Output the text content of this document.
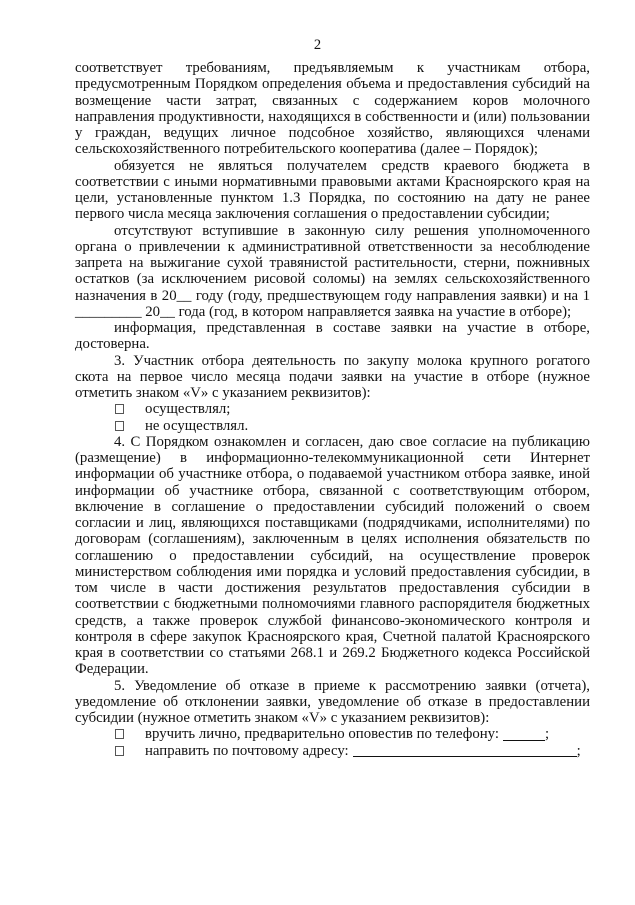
2

соответствует требованиям, предъявляемым к участникам отбора, предусмотренным Порядком определения объема и предоставления субсидий на возмещение части затрат, связанных с содержанием коров молочного направления продуктивности, находящихся в собственности и (или) пользовании у граждан, ведущих личное подсобное хозяйство, являющихся членами сельскохозяйственного потребительского кооператива (далее – Порядок);

обязуется не являться получателем средств краевого бюджета в соответствии с иными нормативными правовыми актами Красноярского края на цели, установленные пунктом 1.3 Порядка, по состоянию на дату не ранее первого числа месяца заключения соглашения о предоставлении субсидии;

отсутствуют вступившие в законную силу решения уполномоченного органа о привлечении к административной ответственности за несоблюдение запрета на выжигание сухой травянистой растительности, стерни, пожнивных остатков (за исключением рисовой соломы) на землях сельскохозяйственного назначения в 20__ году (году, предшествующем году направления заявки) и на 1 _________ 20__ года (год, в котором направляется заявка на участие в отборе);

информация, представленная в составе заявки на участие в отборе, достоверна.

3. Участник отбора деятельность по закупу молока крупного рогатого скота на первое число месяца подачи заявки на участие в отборе (нужное отметить знаком «V» с указанием реквизитов):

осуществлял;
не осуществлял.

4. С Порядком ознакомлен и согласен, даю свое согласие на публикацию (размещение) в информационно-телекоммуникационной сети Интернет информации об участнике отбора, о подаваемой участником отбора заявке, иной информации об участнике отбора, связанной с соответствующим отбором, включение в соглашение о предоставлении субсидий положений о своем согласии и лиц, являющихся поставщиками (подрядчиками, исполнителями) по договорам (соглашениям), заключенным в целях исполнения обязательств по соглашению о предоставлении субсидий, на осуществление проверок министерством соблюдения ими порядка и условий предоставления субсидии, в том числе в части достижения результатов предоставления субсидии в соответствии с бюджетными полномочиями главного распорядителя бюджетных средств, а также проверок службой финансово-экономического контроля и контроля в сфере закупок Красноярского края, Счетной палатой Красноярского края в соответствии со статьями 268.1 и 269.2 Бюджетного кодекса Российской Федерации.

5. Уведомление об отказе в приеме к рассмотрению заявки (отчета), уведомление об отклонении заявки, уведомление об отказе в предоставлении субсидии (нужное отметить знаком «V» с указанием реквизитов):

вручить лично, предварительно оповестив по телефону:	;
направить по почтовому адресу:	;
